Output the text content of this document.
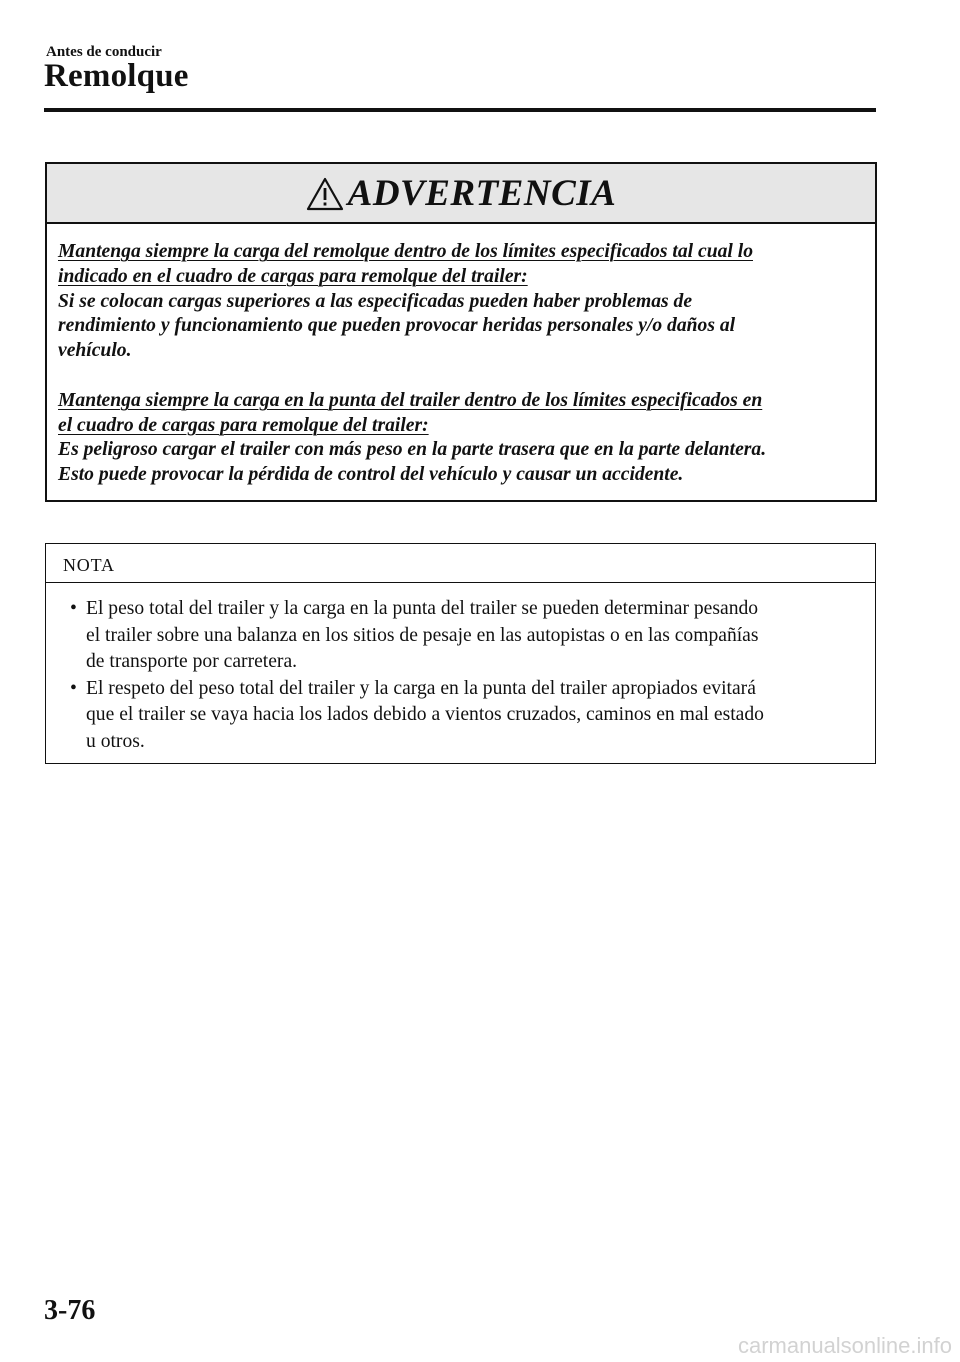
Antes de conducir
Remolque
ADVERTENCIA
Mantenga siempre la carga del remolque dentro de los límites especificados tal cual lo
indicado en el cuadro de cargas para remolque del trailer:
Si se colocan cargas superiores a las especificadas pueden haber problemas de
rendimiento y funcionamiento que pueden provocar heridas personales y/o daños al
vehículo.
Mantenga siempre la carga en la punta del trailer dentro de los límites especificados en
el cuadro de cargas para remolque del trailer:
Es peligroso cargar el trailer con más peso en la parte trasera que en la parte delantera.
Esto puede provocar la pérdida de control del vehículo y causar un accidente.
NOTA
• El peso total del trailer y la carga en la punta del trailer se pueden determinar pesando
el trailer sobre una balanza en los sitios de pesaje en las autopistas o en las compañías
de transporte por carretera.
• El respeto del peso total del trailer y la carga en la punta del trailer apropiados evitará
que el trailer se vaya hacia los lados debido a vientos cruzados, caminos en mal estado
u otros.
3-76
carmanualsonline.info
